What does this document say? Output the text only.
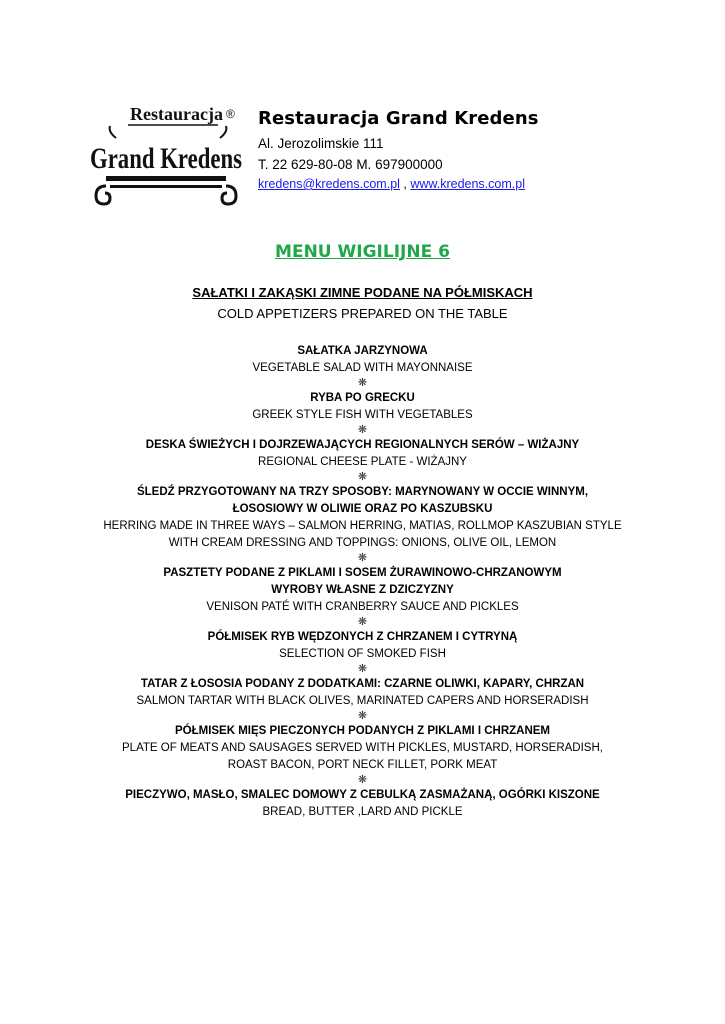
Restauracja ®
Grand Kredens
Restauracja Grand Kredens
Al. Jerozolimskie 111
T. 22 629-80-08 M. 697900000
kredens@kredens.com.pl , www.kredens.com.pl
MENU WIGILIJNE 6
SAŁATKI I ZAKĄSKI ZIMNE PODANE NA PÓŁMISKACH
COLD APPETIZERS PREPARED ON THE TABLE
SAŁATKA JARZYNOWA
VEGETABLE SALAD WITH MAYONNAISE
❋
RYBA PO GRECKU
GREEK STYLE FISH WITH VEGETABLES
❋
DESKA ŚWIEŻYCH I DOJRZEWAJĄCYCH REGIONALNYCH SERÓW – WIŻAJNY
REGIONAL CHEESE PLATE - WIŻAJNY
❋
ŚLEDŹ PRZYGOTOWANY NA TRZY SPOSOBY: MARYNOWANY W OCCIE WINNYM,
ŁOSOSIOWY W OLIWIE ORAZ PO KASZUBSKU
HERRING MADE IN THREE WAYS – SALMON HERRING, MATIAS, ROLLMOP KASZUBIAN STYLE
WITH CREAM DRESSING AND TOPPINGS: ONIONS, OLIVE OIL, LEMON
❋
PASZTETY PODANE Z PIKLAMI I SOSEM ŻURAWINOWO-CHRZANOWYM
WYROBY WŁASNE Z DZICZYZNY
VENISON PATÉ WITH CRANBERRY SAUCE AND PICKLES
❋
PÓŁMISEK RYB WĘDZONYCH Z CHRZANEM I CYTRYNĄ
SELECTION OF SMOKED FISH
❋
TATAR Z ŁOSOSIA PODANY Z DODATKAMI: CZARNE OLIWKI, KAPARY, CHRZAN
SALMON TARTAR WITH BLACK OLIVES, MARINATED CAPERS AND HORSERADISH
❋
PÓŁMISEK MIĘS PIECZONYCH PODANYCH Z PIKLAMI I CHRZANEM
PLATE OF MEATS AND SAUSAGES SERVED WITH PICKLES, MUSTARD, HORSERADISH,
ROAST BACON, PORT NECK FILLET, PORK MEAT
❋
PIECZYWO, MASŁO, SMALEC DOMOWY Z CEBULKĄ ZASMAŻANĄ, OGÓRKI KISZONE
BREAD, BUTTER ,LARD AND PICKLE
